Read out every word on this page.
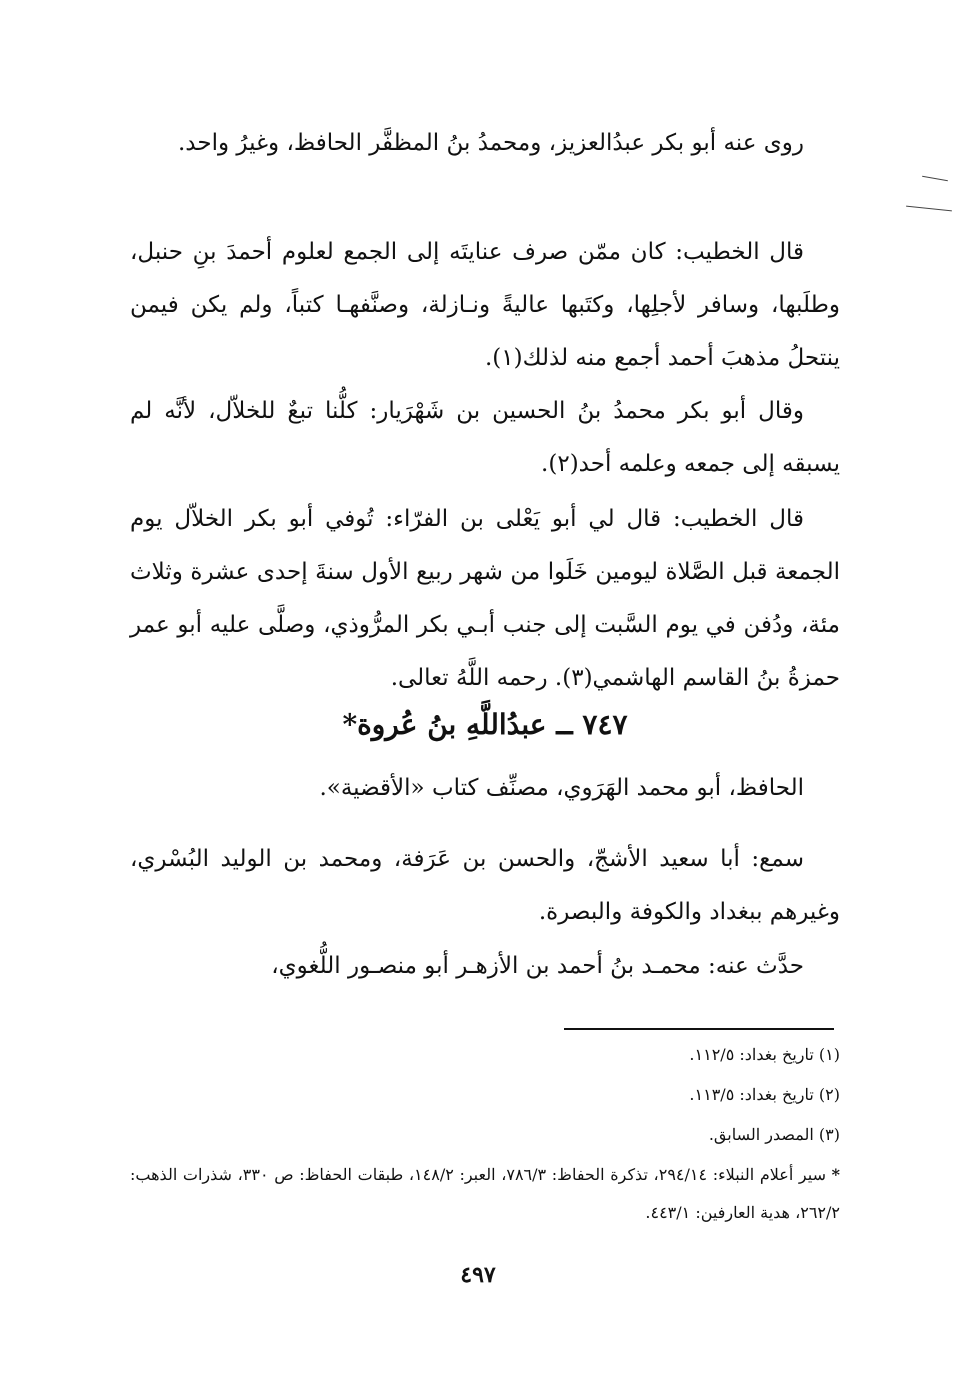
روى عنه أبو بكر عبدُالعزيز، ومحمدُ بنُ المظفَّر الحافظ، وغيرُ واحد.

قال الخطيب: كان ممّن صرف عنايتَه إلى الجمع لعلوم أحمدَ بنِ حنبل، وطلَبها، وسافر لأجلِها، وكتَبها عاليةً ونـازلة، وصنَّفهـا كتباً، ولم يكن فيمن ينتحلُ مذهبَ أحمد أجمع منه لذلك(١).

وقال أبو بكر محمدُ بنُ الحسين بن شَهْرَيار: كلُّنا تبعٌ للخلاّل، لأنَّه لم يسبقه إلى جمعه وعلمه أحد(٢).

قال الخطيب: قال لي أبو يَعْلى بن الفرّاء: تُوفي أبو بكر الخلاّل يوم الجمعة قبل الصَّلاة ليومين خَلَوا من شهر ربيع الأول سنةَ إحدى عشرة وثلاث مئة، ودُفن في يوم السَّبت إلى جنب أبـي بكر المرُّوذي، وصلَّى عليه أبو عمر حمزةُ بنُ القاسم الهاشمي(٣). رحمه اللَّهُ تعالى.

٧٤٧ ــ عبدُاللَّهِ بنُ عُروة*

الحافظ، أبو محمد الهَرَوي، مصنِّف كتاب «الأقضية».

سمع: أبا سعيد الأشجّ، والحسن بن عَرَفة، ومحمد بن الوليد البُسْري، وغيرهم ببغداد والكوفة والبصرة.

حدَّث عنه: محمـد بنُ أحمد بن الأزهـر أبو منصـور اللُّغوي،

(١) تاريخ بغداد: ١١٢/٥.

(٢) تاريخ بغداد: ١١٣/٥.

(٣) المصدر السابق.

* سير أعلام النبلاء: ٢٩٤/١٤، تذكرة الحفاظ: ٧٨٦/٣، العبر: ١٤٨/٢، طبقات الحفاظ: ص ٣٣٠، شذرات الذهب: ٢٦٢/٢، هدية العارفين: ٤٤٣/١.

٤٩٧
